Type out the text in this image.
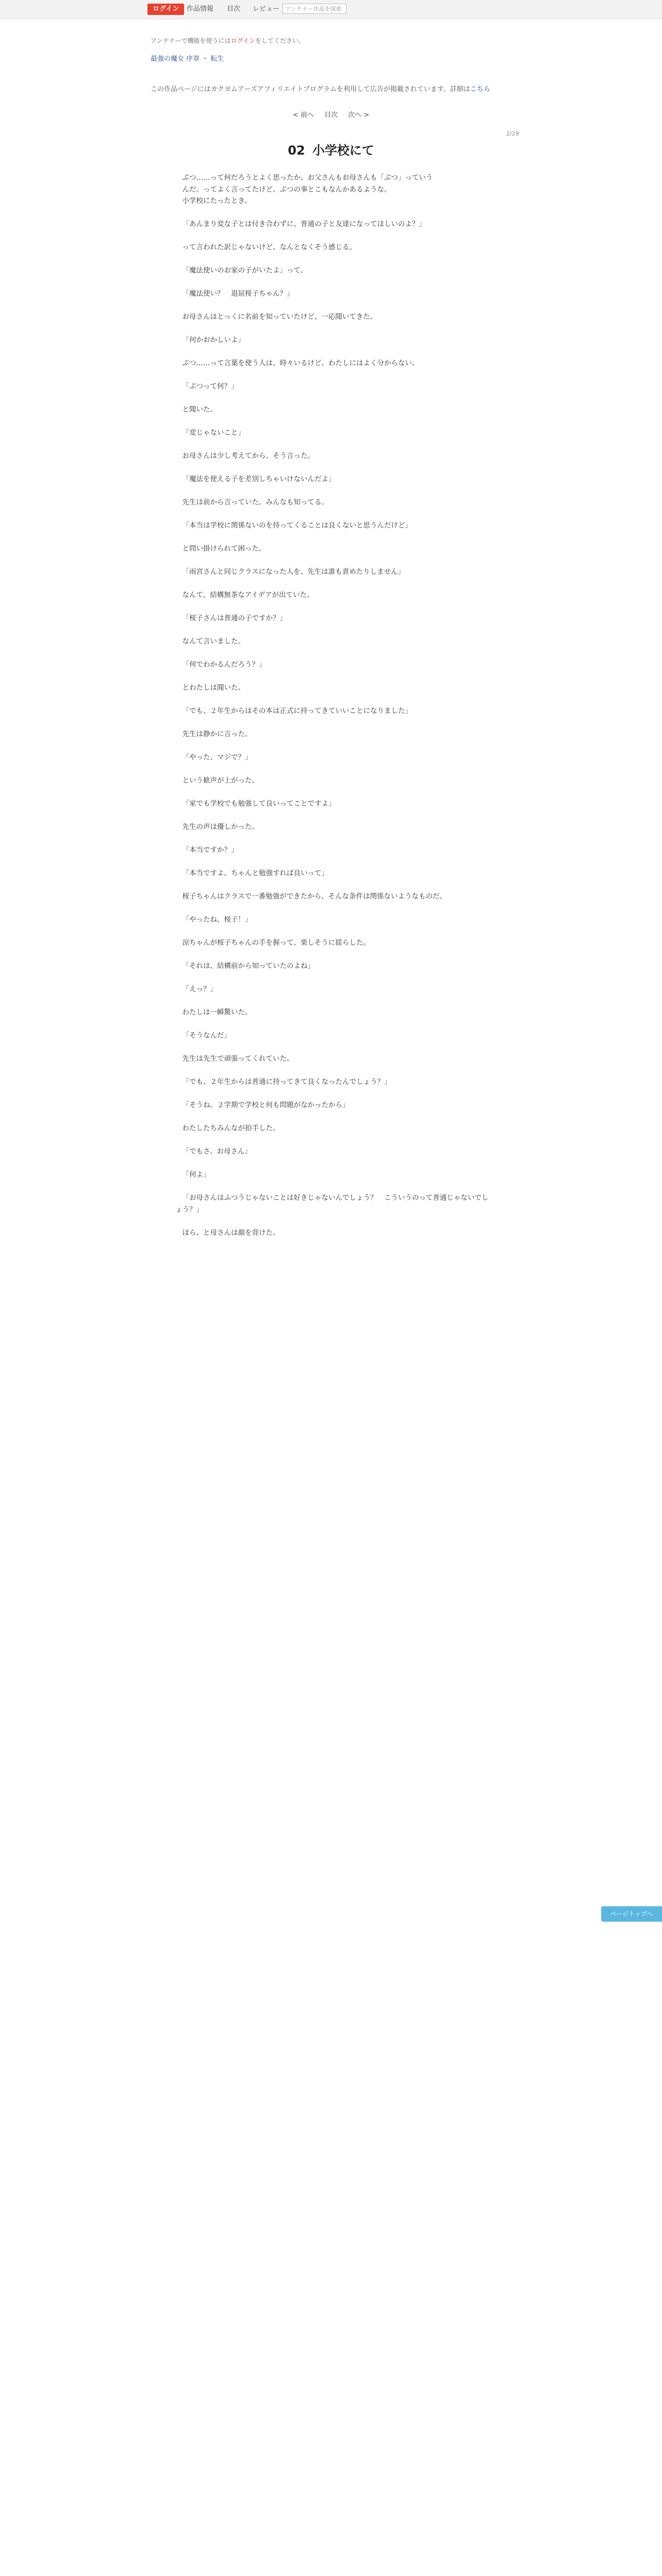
ログイン	作品情報 目次 レビュー アンテナー作品を探索
アンテナーで機能を使うにはログインをしてください。
最強の魔女 序章 ・ 転生
この作品ページにはカクヨムアーズアフィリエイトプログラムを利用して広告が掲載されています。詳細はこちら
< 前へ 目次 次へ >
2/29
02 小学校にて

ぶつ……って何だろうとよく思ったか、お父さんもお母さんも「ぶつ」っていう

んだ。ってよく言ってたけど、ぶつの事とこもなんかあるような。

小学校にたったとき。

「あんまり変な子とは付き合わずに、普通の子と友達になってほしいのよ？」

って言われた訳じゃないけど、なんとなくそう感じる。

「魔法使いのお家の子がいたよ」って。

「魔法使い？　退屈桜子ちゃん？」

お母さんはとっくに名前を知っていたけど、一応聞いてきた。

「何かおかしいよ」

ぶつ……って言葉を使う人は、時々いるけど、わたしにはよく分からない。

「ぶつって何？」

と聞いた。

「変じゃないこと」

お母さんは少し考えてから、そう言った。

「魔法を使える子を差別しちゃいけないんだよ」

先生は前から言っていた。みんなも知ってる。

「本当は学校に関係ないのを持ってくることは良くないと思うんだけど」

と問い掛けられて困った。

「雨宮さんと同じクラスになった人を、先生は誰も責めたりしません」

なんて、結構無茶なアイデアが出ていた。

「桜子さんは普通の子ですか？」

なんて言いました。

「何でわかるんだろう？」

とわたしは聞いた。

「でも、２年生からはその本は正式に持ってきていいことになりました」

先生は静かに言った。

「やった、マジで？」

という歓声が上がった。

「家でも学校でも勉強して良いってことですよ」

先生の声は優しかった。

「本当ですか？」

「本当ですよ。ちゃんと勉強すれば良いって」

桜子ちゃんはクラスで一番勉強ができたから、そんな条件は関係ないようなものだ。

「やったね、桜子！」

涼ちゃんが桜子ちゃんの手を握って、楽しそうに揺らした。

「それは、結構前から知っていたのよね」

「えっ？」

わたしは一瞬驚いた。

「そうなんだ」

先生は先生で頑張ってくれていた。

「でも、２年生からは普通に持ってきて良くなったんでしょう？」

「そうね。２学期で学校と何も問題がなかったから」

わたしたちみんなが拍手した。

「でもさ、お母さん」

「何よ」

「お母さんはふつうじゃないことは好きじゃないんでしょう？　こういうのって普通じゃないでしょう？」

ほら、と母さんは顔を背けた。

ページトップへ
